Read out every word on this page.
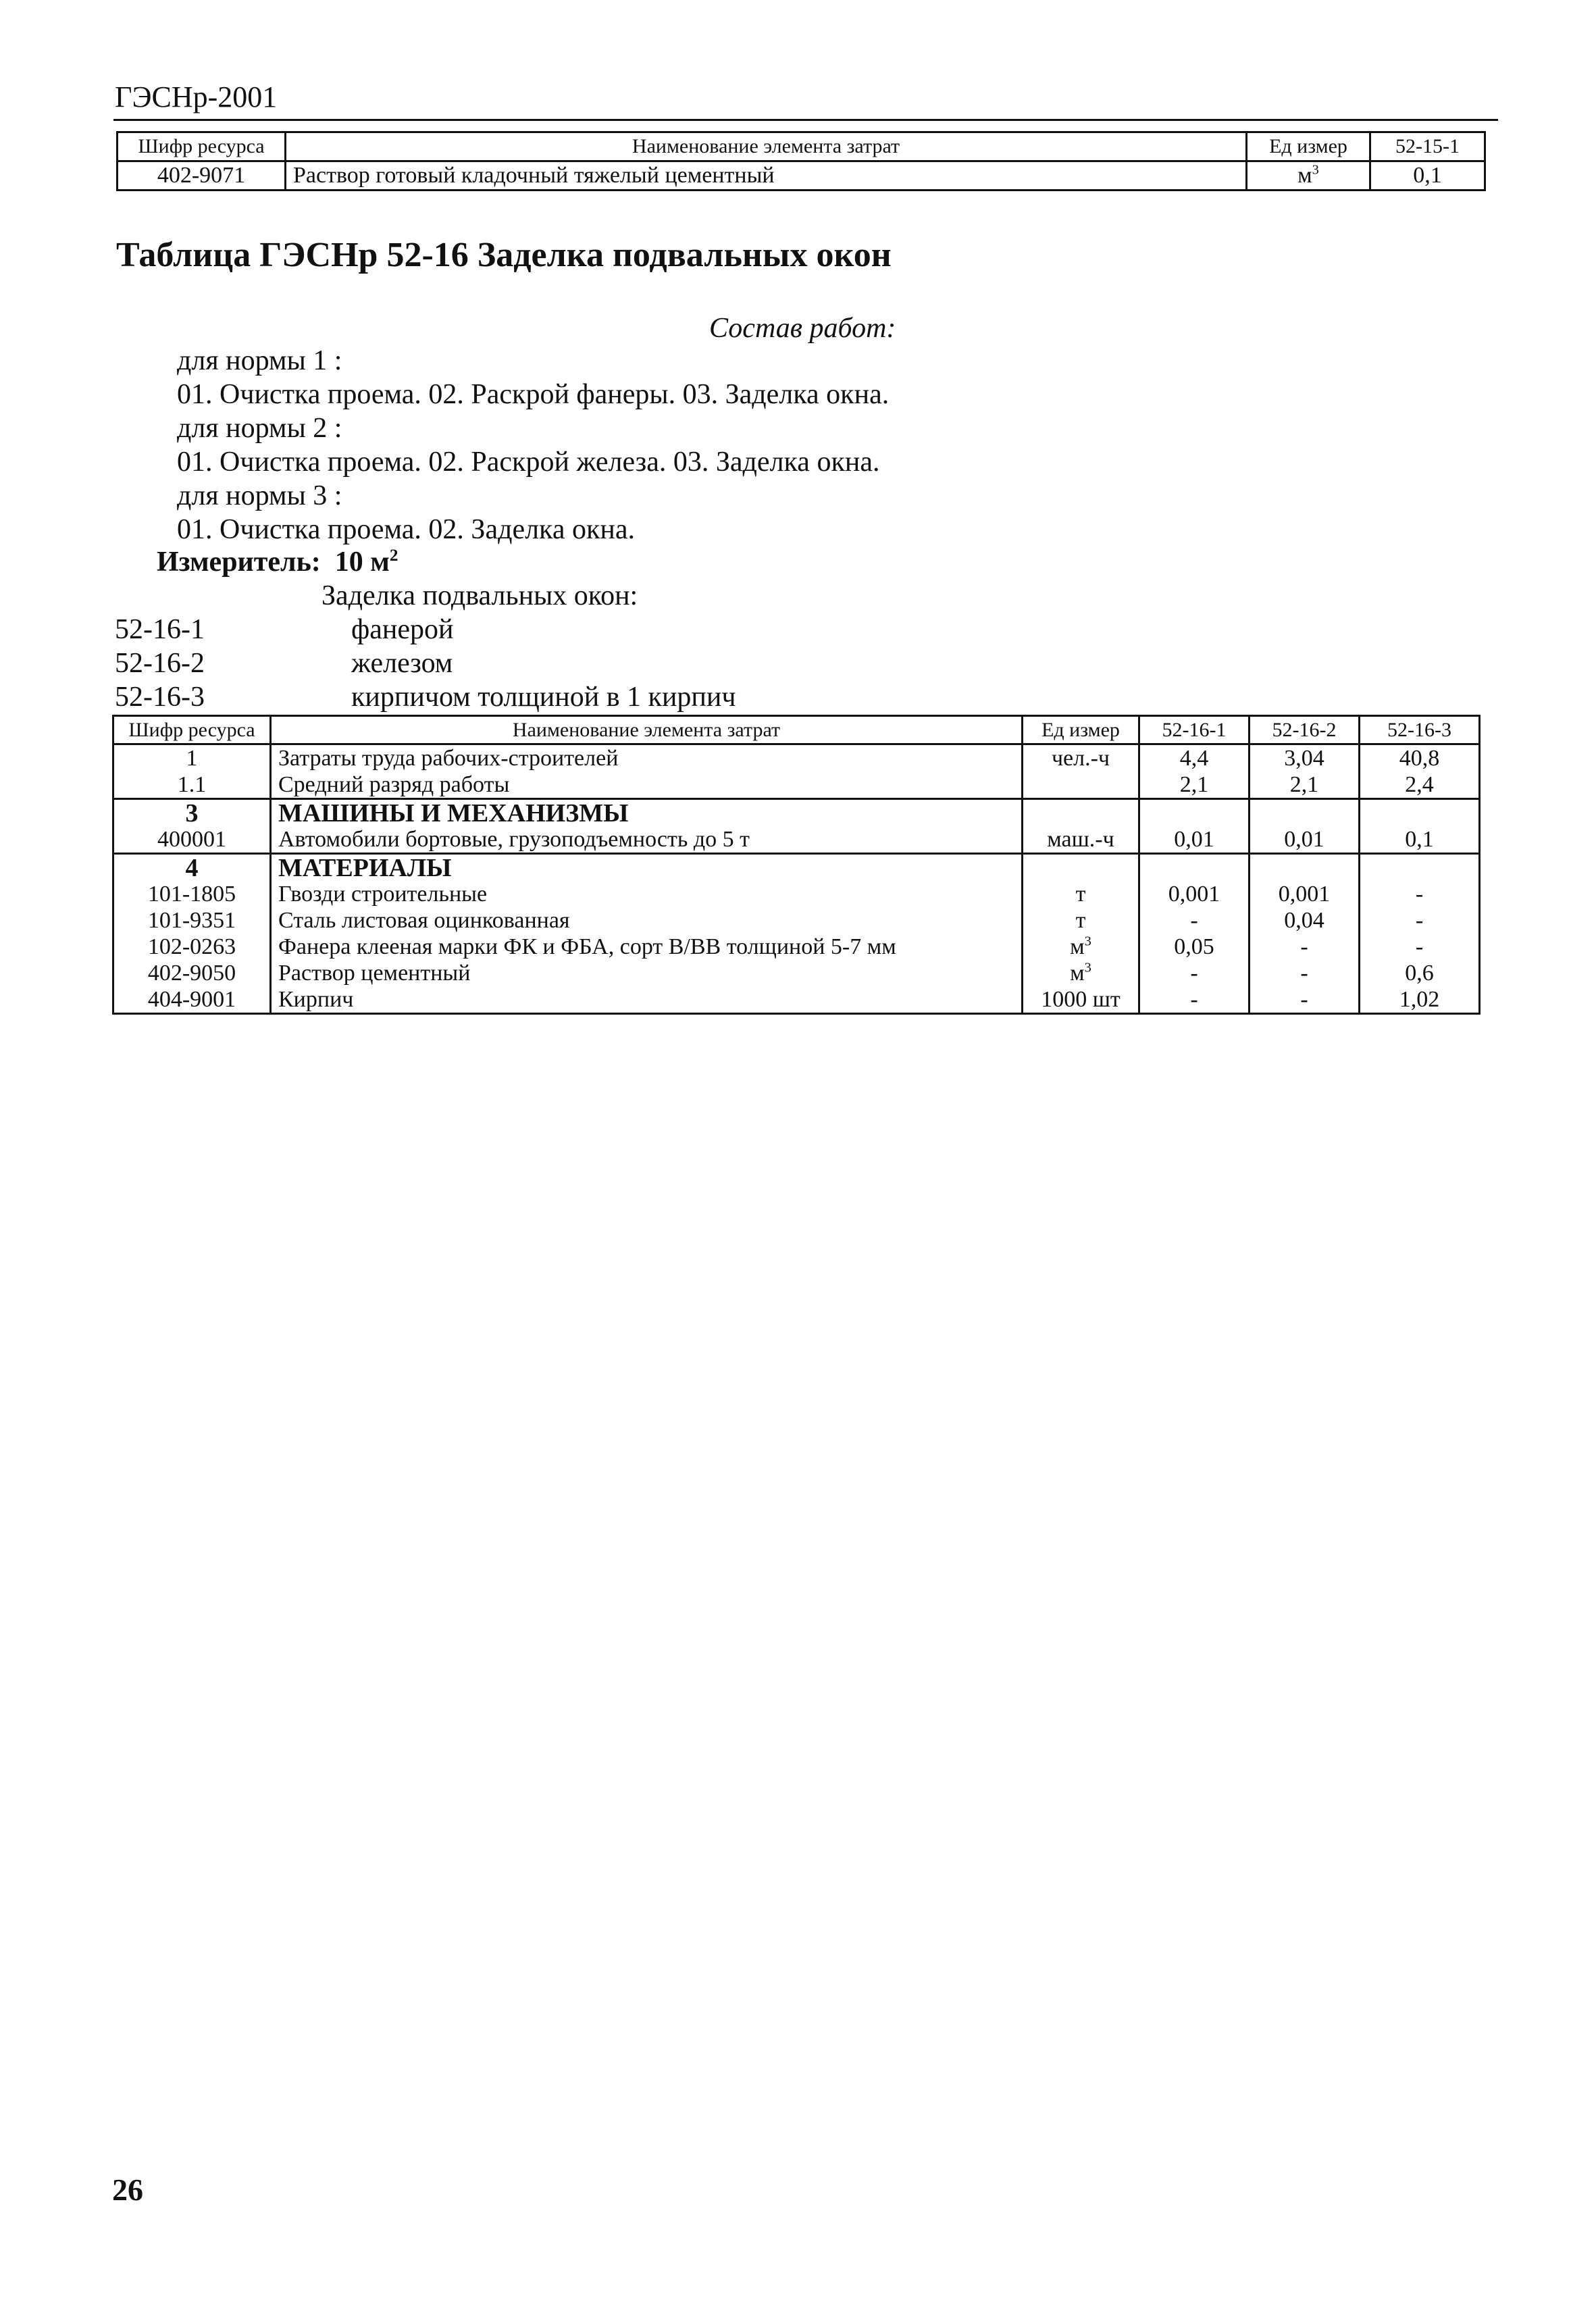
ГЭСНр-2001
Шифр ресурса	Наименование элемента затрат	Ед измер	52-15-1
402-9071	Раствор готовый кладочный тяжелый цементный	$м^3$	0,1
Таблица ГЭСНр 52-16 Заделка подвальных окон
Состав работ:
для нормы 1 :
01. Очистка проема. 02. Раскрой фанеры. 03. Заделка окна.
для нормы 2 :
01. Очистка проема. 02. Раскрой железа. 03. Заделка окна.
для нормы 3 :
01. Очистка проема. 02. Заделка окна.
Измеритель: 10 $м^2$
Заделка подвальных окон:
52-16-1	фанерой
52-16-2	железом
52-16-3	кирпичом толщиной в 1 кирпич
Шифр ресурса	Наименование элемента затрат	Ед измер	52-16-1	52-16-2	52-16-3
1	Затраты труда рабочих-строителей	чел.-ч	4,4	3,04	40,8
1.1	Средний разряд работы		2,1	2,1	2,4
3	МАШИНЫ И МЕХАНИЗМЫ				
400001	Автомобили бортовые, грузоподъемность до 5 т	маш.-ч	0,01	0,01	0,1
4	МАТЕРИАЛЫ				
101-1805	Гвозди строительные	т	0,001	0,001	-
101-9351	Сталь листовая оцинкованная	т	-	0,04	-
102-0263	Фанера клееная марки ФК и ФБА, сорт В/ВВ толщиной 5-7 мм	$м^3$	0,05	-	-
402-9050	Раствор цементный	$м^3$	-	-	0,6
404-9001	Кирпич	1000 шт	-	-	1,02
26
